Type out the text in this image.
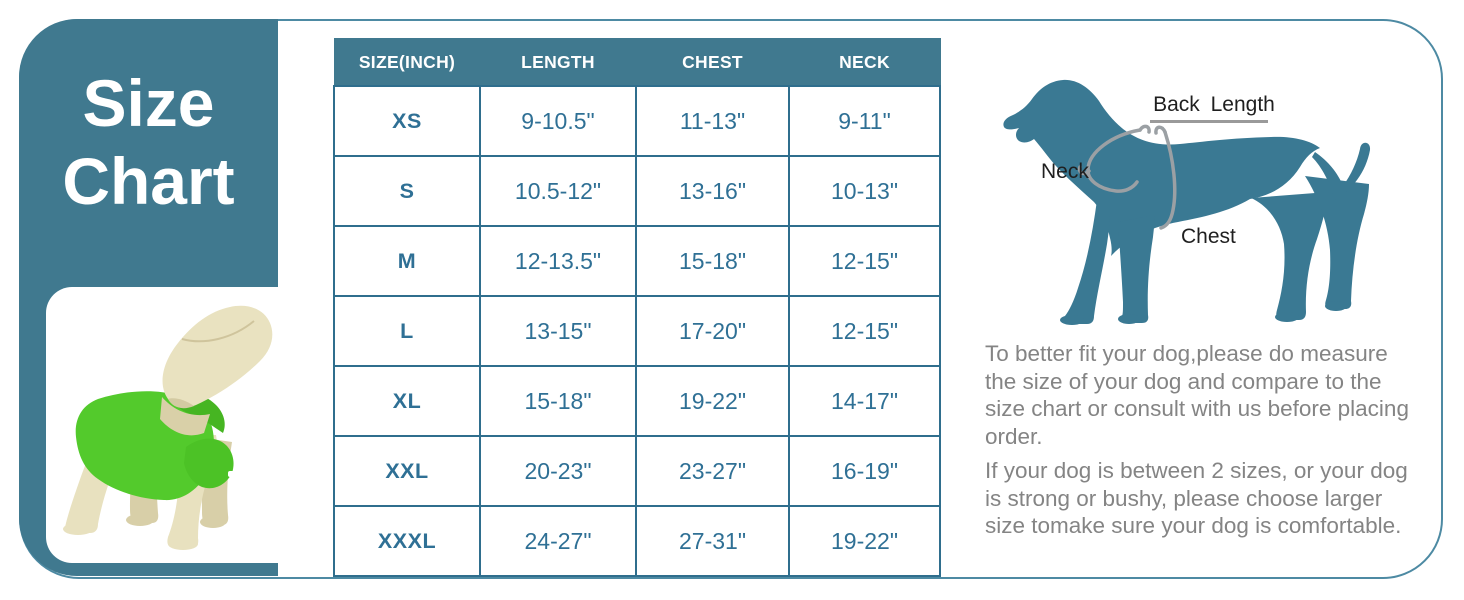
Size
Chart
SIZE(INCH)	LENGTH	CHEST	NECK
XS	9-10.5"	11-13"	9-11"
S	10.5-12"	13-16"	10-13"
M	12-13.5"	15-18"	12-15"
L	13-15"	17-20"	12-15"
XL	15-18"	19-22"	14-17"
XXL	20-23"	23-27"	16-19"
XXXL	24-27"	27-31"	19-22"
Back Length
Neck
Chest
To better fit your dog,please do measure the size of your dog and compare to the size chart or consult with us before placing order.
If your dog is between 2 sizes, or your dog is strong or bushy, please choose larger size tomake sure your dog is comfortable.
